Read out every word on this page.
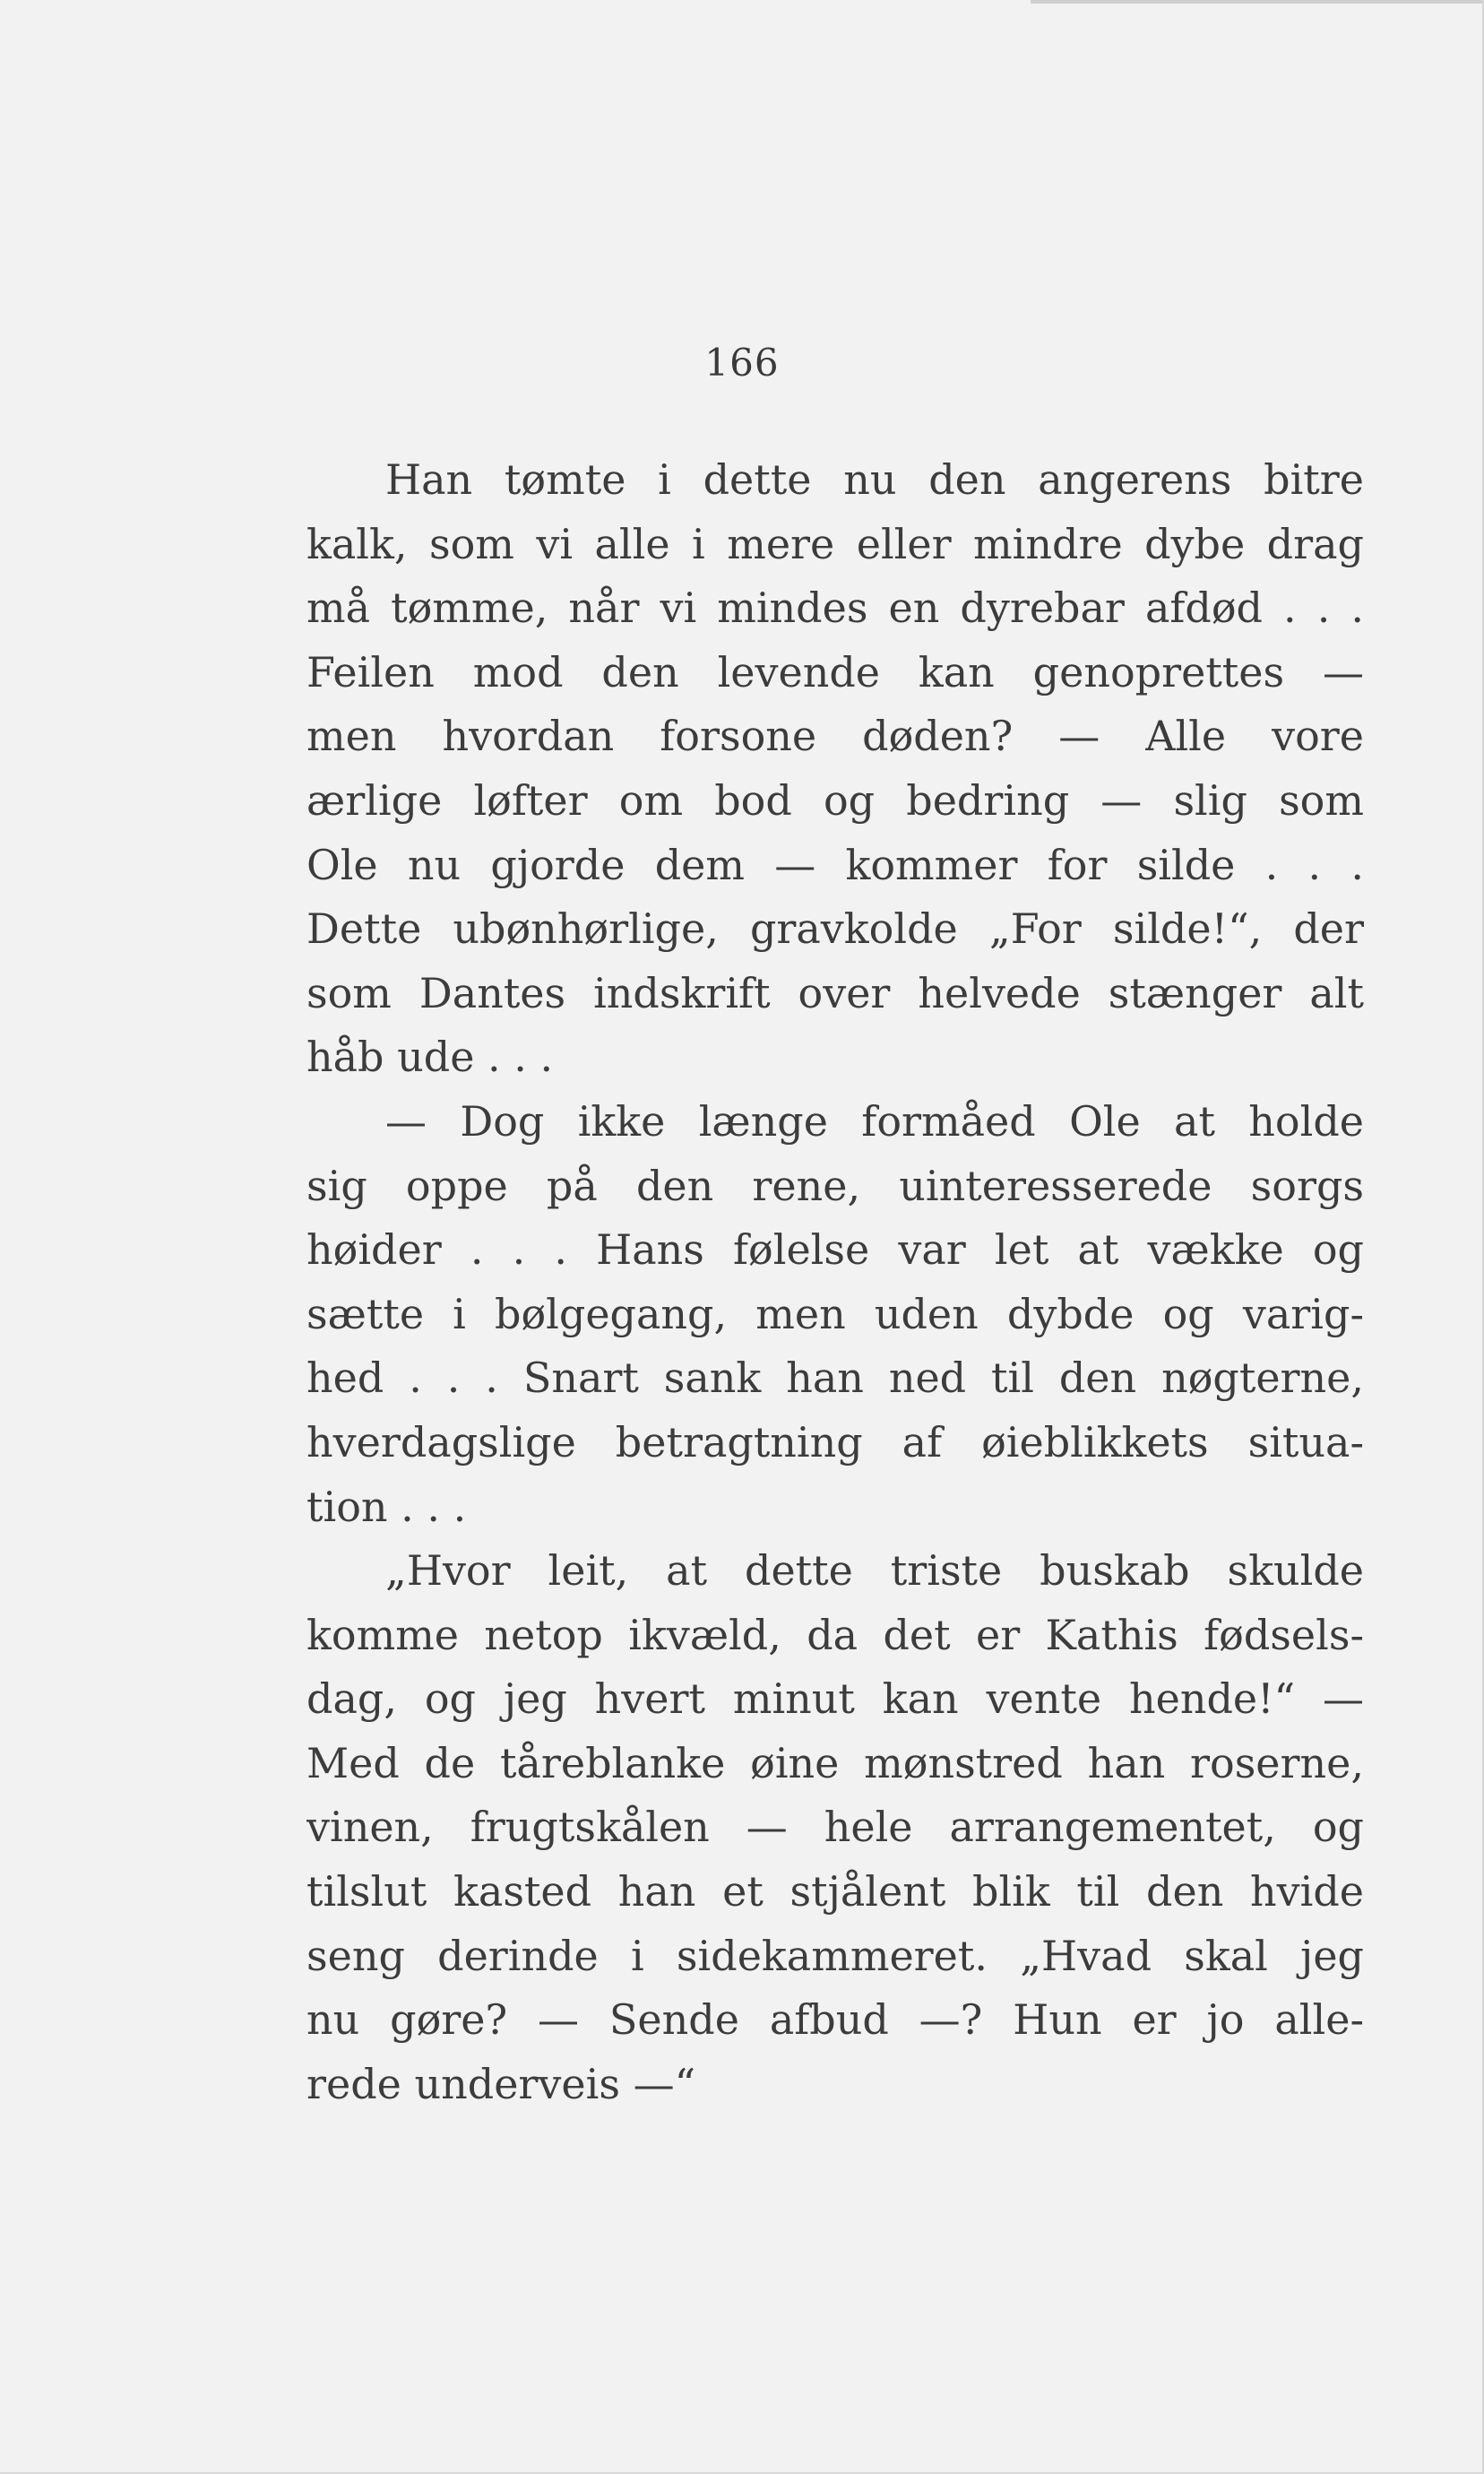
166
Han tømte i dette nu den angerens bitre
kalk, som vi alle i mere eller mindre dybe drag
må tømme, når vi mindes en dyrebar afdød . . .
Feilen mod den levende kan genoprettes —
men hvordan forsone døden? — Alle vore
ærlige løfter om bod og bedring — slig som
Ole nu gjorde dem — kommer for silde . . .
Dette ubønhørlige, gravkolde „For silde!“, der
som Dantes indskrift over helvede stænger alt
håb ude . . .
— Dog ikke længe formåed Ole at holde
sig oppe på den rene, uinteresserede sorgs
høider . . . Hans følelse var let at vække og
sætte i bølgegang, men uden dybde og varig-
hed . . . Snart sank han ned til den nøgterne,
hverdagslige betragtning af øieblikkets situa-
tion . . .
„Hvor leit, at dette triste buskab skulde
komme netop ikvæld, da det er Kathis fødsels-
dag, og jeg hvert minut kan vente hende!“ —
Med de tåreblanke øine mønstred han roserne,
vinen, frugtskålen — hele arrangementet, og
tilslut kasted han et stjålent blik til den hvide
seng derinde i sidekammeret. „Hvad skal jeg
nu gøre? — Sende afbud —? Hun er jo alle-
rede underveis —“
